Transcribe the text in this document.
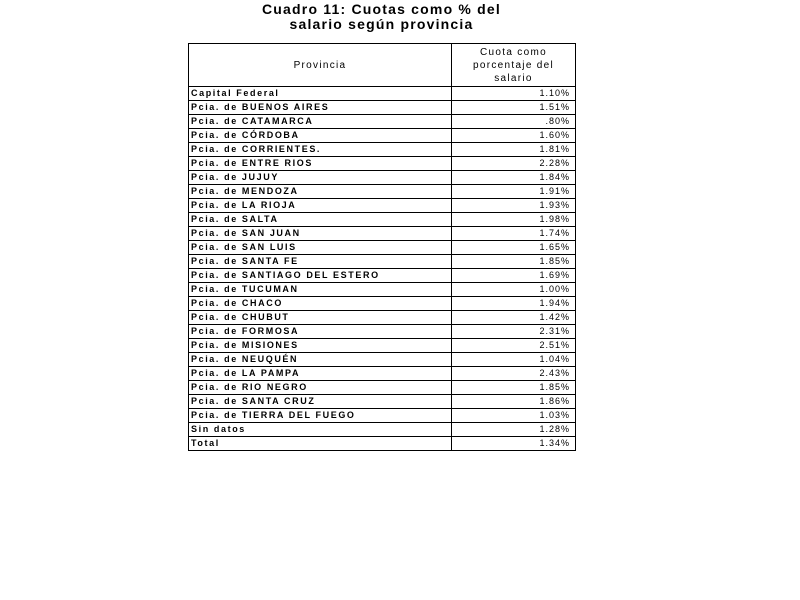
Cuadro 11: Cuotas como % del
salario según provincia
Provincia	Cuota como porcentaje del salario

Capital Federal	1.10%
Pcia. de BUENOS AIRES	1.51%
Pcia. de CATAMARCA	.80%
Pcia. de CÓRDOBA	1.60%
Pcia. de CORRIENTES.	1.81%
Pcia. de ENTRE RIOS	2.28%
Pcia. de JUJUY	1.84%
Pcia. de MENDOZA	1.91%
Pcia. de LA RIOJA	1.93%
Pcia. de SALTA	1.98%
Pcia. de SAN JUAN	1.74%
Pcia. de SAN LUIS	1.65%
Pcia. de SANTA FE	1.85%
Pcia. de SANTIAGO DEL ESTERO	1.69%
Pcia. de TUCUMAN	1.00%
Pcia. de CHACO	1.94%
Pcia. de CHUBUT	1.42%
Pcia. de FORMOSA	2.31%
Pcia. de MISIONES	2.51%
Pcia. de NEUQUÉN	1.04%
Pcia. de LA PAMPA	2.43%
Pcia. de RIO NEGRO	1.85%
Pcia. de SANTA CRUZ	1.86%
Pcia. de TIERRA DEL FUEGO	1.03%
Sin datos	1.28%
Total	1.34%
